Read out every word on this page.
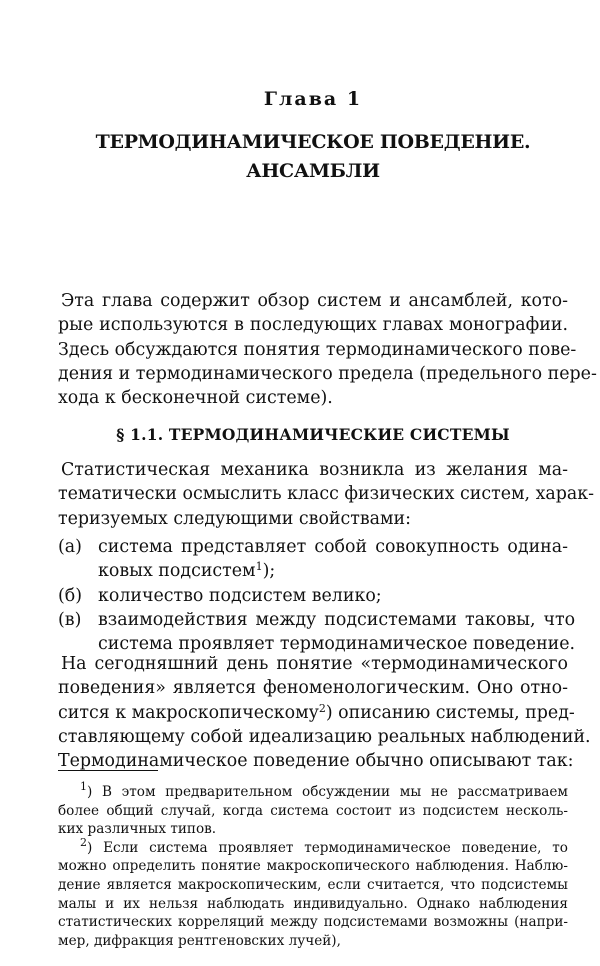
Глава 1
ТЕРМОДИНАМИЧЕСКОЕ ПОВЕДЕНИЕ.
АНСАМБЛИ
Эта глава содержит обзор систем и ансамблей, кото-
рые используются в последующих главах монографии.
Здесь обсуждаются понятия термодинамического пове-
дения и термодинамического предела (предельного пере-
хода к бесконечной системе).
§ 1.1. ТЕРМОДИНАМИЧЕСКИЕ СИСТЕМЫ
Статистическая механика возникла из желания ма-
тематически осмыслить класс физических систем, харак-
теризуемых следующими свойствами:
(а) система представляет собой совокупность одина-
ковых подсистем$^1$);
(б) количество подсистем велико;
(в) взаимодействия между подсистемами таковы, что
система проявляет термодинамическое поведение.
На сегодняшний день понятие «термодинамического
поведения» является феноменологическим. Оно отно-
сится к макроскопическому$^2$) описанию системы, пред-
ставляющему собой идеализацию реальных наблюдений.
Термодинамическое поведение обычно описывают так:
$^1$) В этом предварительном обсуждении мы не рассматриваем
более общий случай, когда система состоит из подсистем несколь-
ких различных типов.
$^2$) Если система проявляет термодинамическое поведение, то
можно определить понятие макроскопического наблюдения. Наблю-
дение является макроскопическим, если считается, что подсистемы
малы и их нельзя наблюдать индивидуально. Однако наблюдения
статистических корреляций между подсистемами возможны (напри-
мер, дифракция рентгеновских лучей),
